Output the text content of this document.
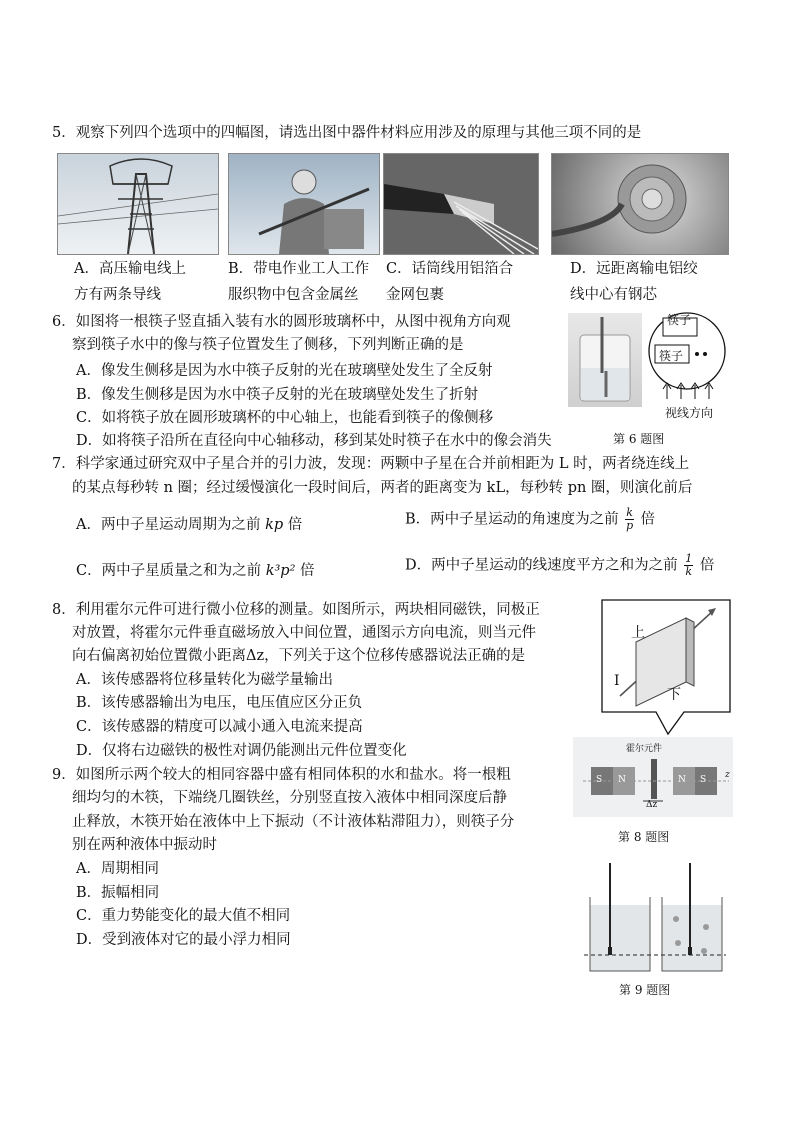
5．观察下列四个选项中的四幅图，请选出图中器件材料应用涉及的原理与其他三项不同的是
A．高压输电线上
方有两条导线
B．带电作业工人工作
服织物中包含金属丝
C．话筒线用铝箔合
金网包裹
D．远距离输电铝绞
线中心有钢芯
6．如图将一根筷子竖直插入装有水的圆形玻璃杯中，从图中视角方向观
察到筷子水中的像与筷子位置发生了侧移，下列判断正确的是
A．像发生侧移是因为水中筷子反射的光在玻璃壁处发生了全反射
B．像发生侧移是因为水中筷子反射的光在玻璃壁处发生了折射
C．如将筷子放在圆形玻璃杯的中心轴上，也能看到筷子的像侧移
D．如将筷子沿所在直径向中心轴移动，移到某处时筷子在水中的像会消失
筷子
筷子
视线方向
第 6 题图
7．科学家通过研究双中子星合并的引力波，发现：两颗中子星在合并前相距为 L 时，两者绕连线上
的某点每秒转 n 圈；经过缓慢演化一段时间后，两者的距离变为 kL，每秒转 pn 圈，则演化前后
A．两中子星运动周期为之前 kp 倍	B．两中子星运动的角速度为之前 $\frac{k}{p}$ 倍
C．两中子星质量之和为之前 k³p² 倍	D．两中子星运动的线速度平方之和为之前 $\frac{1}{k}$ 倍
8．利用霍尔元件可进行微小位移的测量。如图所示，两块相同磁铁，同极正
对放置，将霍尔元件垂直磁场放入中间位置，通图示方向电流，则当元件
向右偏离初始位置微小距离Δz，下列关于这个位移传感器说法正确的是
A．该传感器将位移量转化为磁学量输出
B．该传感器输出为电压，电压值应区分正负
C．该传感器的精度可以减小通入电流来提高
D．仅将右边磁铁的极性对调仍能测出元件位置变化
上
下
I
霍尔元件
S N	N S z
Δz
第 8 题图
9．如图所示两个较大的相同容器中盛有相同体积的水和盐水。将一根粗
细均匀的木筷，下端绕几圈铁丝，分别竖直按入液体中相同深度后静
止释放，木筷开始在液体中上下振动（不计液体粘滞阻力），则筷子分
别在两种液体中振动时
A．周期相同
B．振幅相同
C．重力势能变化的最大值不相同
D．受到液体对它的最小浮力相同
第 9 题图
